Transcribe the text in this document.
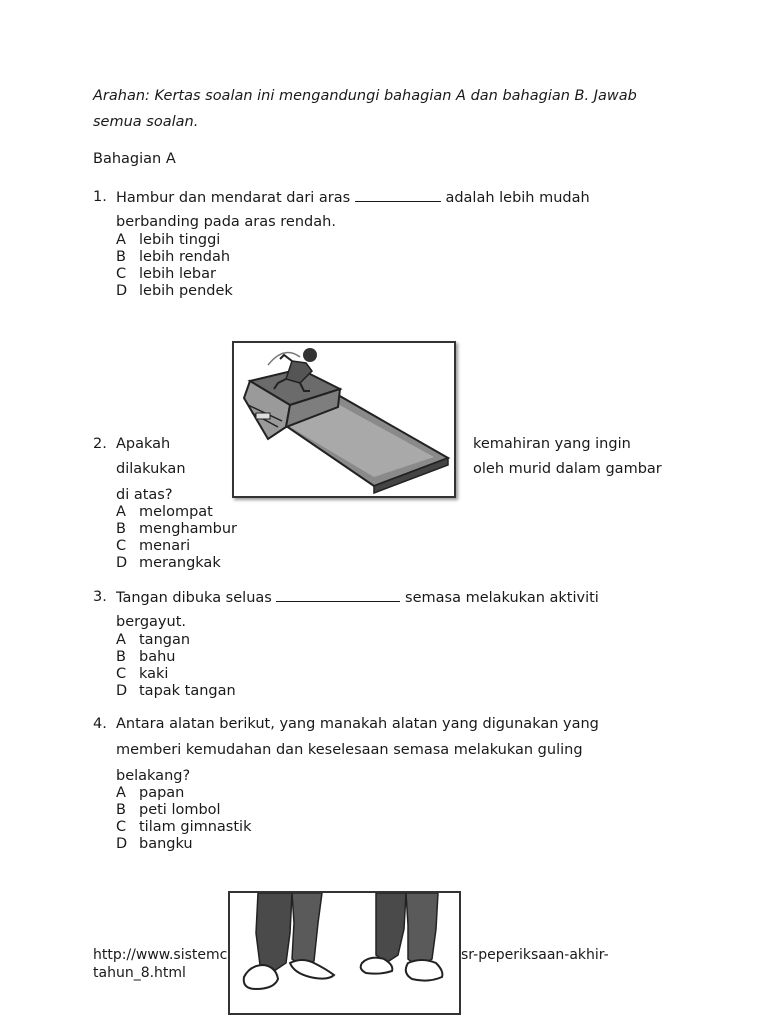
Arahan: Kertas soalan ini mengandungi bahagian A dan bahagian B. Jawab
semua soalan.
Bahagian A
1. Hambur dan mendarat dari aras	adalah lebih mudah
berbanding pada aras rendah.
A lebih tinggi
B lebih rendah
C lebih lebar
D lebih pendek
2. Apakah	kemahiran yang ingin
dilakukan	oleh murid dalam gambar
di atas?
A melompat
B menghambur
C menari
D merangkak
3. Tangan dibuka seluas	semasa melakukan aktiviti
bergayut.
A tangan
B bahu
C kaki
D tapak tangan
4. Antara alatan berikut, yang manakah alatan yang digunakan yang
memberi kemudahan dan keselesaan semasa melakukan guling
belakang?
A papan
B peti lombol
C tilam gimnastik
D bangku
http://www.sistemc	sr-peperiksaan-akhir-
tahun_8.html
